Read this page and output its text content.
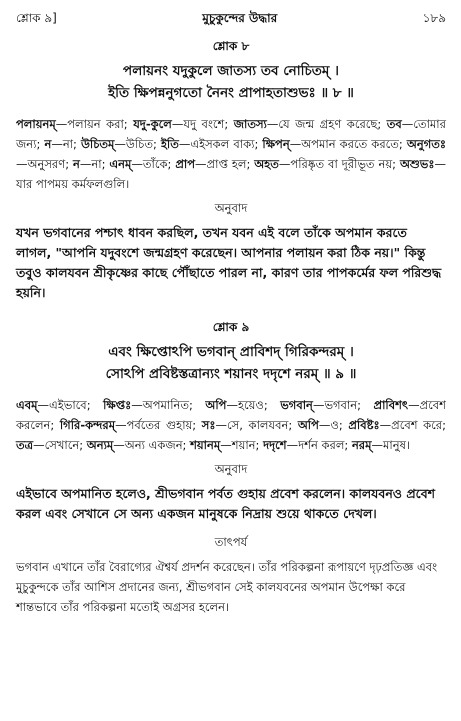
শ্লোক ৯]	মুচুকুন্দের উদ্ধার	১৮৯
শ্লোক ৮
পলায়নং যদুকুলে জাতস্য তব নোচিতম্ ।
ইতি ক্ষিপন্ননুগতো নৈনং প্রাপাহতাশুভঃ ॥ ৮ ॥
পলায়নম্—পলায়ন করা; যদু-কুলে—যদু বংশে; জাতস্য—যে জন্ম গ্রহণ করেছে; তব—তোমার জন্য; ন—না; উচিতম্—উচিত; ইতি—এইসকল বাক্য; ক্ষিপন্—অপমান করতে করতে; অনুগতঃ—অনুসরণ; ন—না; এনম্—তাঁকে; প্রাপ—প্রাপ্ত হল; অহত—পরিষ্কৃত বা দূরীভূত নয়; অশুভঃ—যার পাপময় কর্মফলগুলি।
অনুবাদ
যখন ভগবানের পশ্চাৎ ধাবন করছিল, তখন যবন এই বলে তাঁকে অপমান করতে লাগল, "আপনি যদুবংশে জন্মগ্রহণ করেছেন। আপনার পলায়ন করা ঠিক নয়।" কিন্তু তবুও কালযবন শ্রীকৃষ্ণের কাছে পৌঁছাতে পারল না, কারণ তার পাপকর্মের ফল পরিশুদ্ধ হয়নি।
শ্লোক ৯
এবং ক্ষিপ্তোঽপি ভগবান্ প্রাবিশদ্ গিরিকন্দরম্ ।
সোঽপি প্রবিষ্টস্তত্রান্যং শয়ানং দদৃশে নরম্ ॥ ৯ ॥
এবম্—এইভাবে; ক্ষিপ্তঃ—অপমানিত; অপি—হয়েও; ভগবান্—ভগবান; প্রাবিশৎ—প্রবেশ করলেন; গিরি-কন্দরম্—পর্বতের গুহায়; সঃ—সে, কালযবন; অপি—ও; প্রবিষ্টঃ—প্রবেশ করে; তত্র—সেখানে; অন্যম্—অন্য একজন; শয়ানম্—শয়ান; দদৃশে—দর্শন করল; নরম্—মানুষ।
অনুবাদ
এইভাবে অপমানিত হলেও, শ্রীভগবান পর্বত গুহায় প্রবেশ করলেন। কালযবনও প্রবেশ করল এবং সেখানে সে অন্য একজন মানুষকে নিদ্রায় শুয়ে থাকতে দেখল।
তাৎপর্য
ভগবান এখানে তাঁর বৈরাগ্যের ঐশ্বর্য প্রদর্শন করেছেন। তাঁর পরিকল্পনা রূপায়ণে দৃঢ়প্রতিজ্ঞ এবং মুচুকুন্দকে তাঁর আশিস প্রদানের জন্য, শ্রীভগবান সেই কালযবনের অপমান উপেক্ষা করে শান্তভাবে তাঁর পরিকল্পনা মতোই অগ্রসর হলেন।
